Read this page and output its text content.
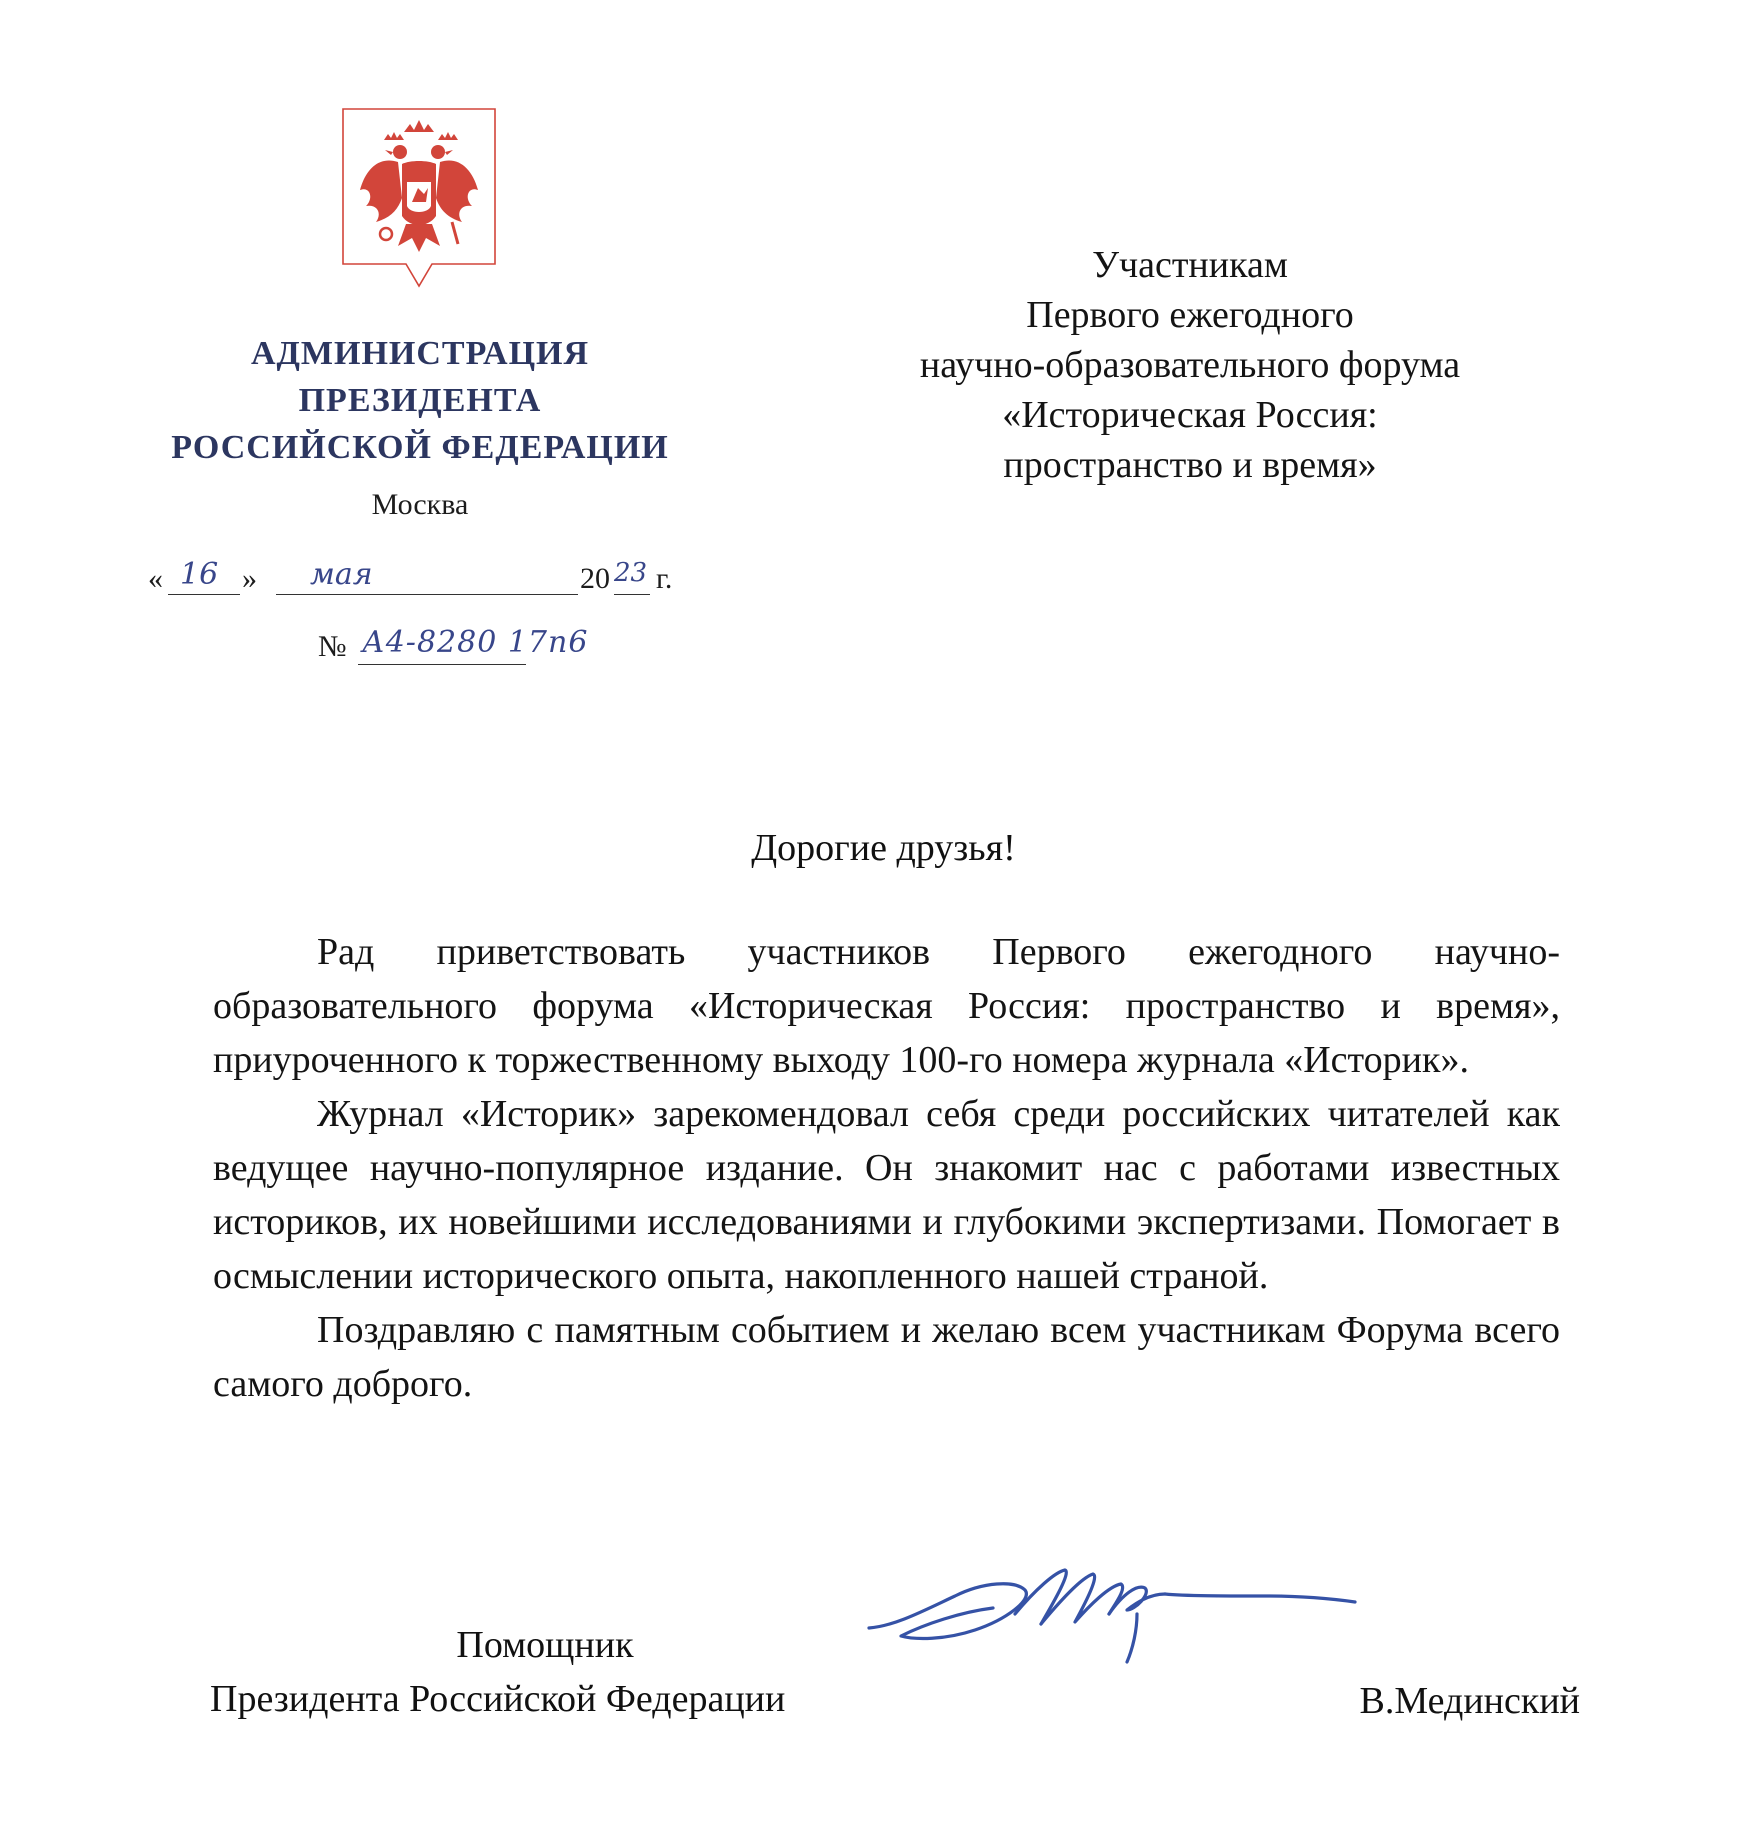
АДМИНИСТРАЦИЯ
ПРЕЗИДЕНТА
РОССИЙСКОЙ ФЕДЕРАЦИИ
Москва
« 16 » мая	20 23 г.
№ А4-8280 17п6
Участникам
Первого ежегодного
научно-образовательного форума
«Историческая Россия:
пространство и время»
Дорогие друзья!

Рад приветствовать участников Первого ежегодного научно-образовательного форума «Историческая Россия: пространство и время», приуроченного к торжественному выходу 100-го номера журнала «Историк».

Журнал «Историк» зарекомендовал себя среди российских читателей как ведущее научно-популярное издание. Он знакомит нас с работами известных историков, их новейшими исследованиями и глубокими экспертизами. Помогает в осмыслении исторического опыта, накопленного нашей страной.

Поздравляю с памятным событием и желаю всем участникам Форума всего самого доброго.

Помощник
Президента Российской Федерации	В.Мединский
